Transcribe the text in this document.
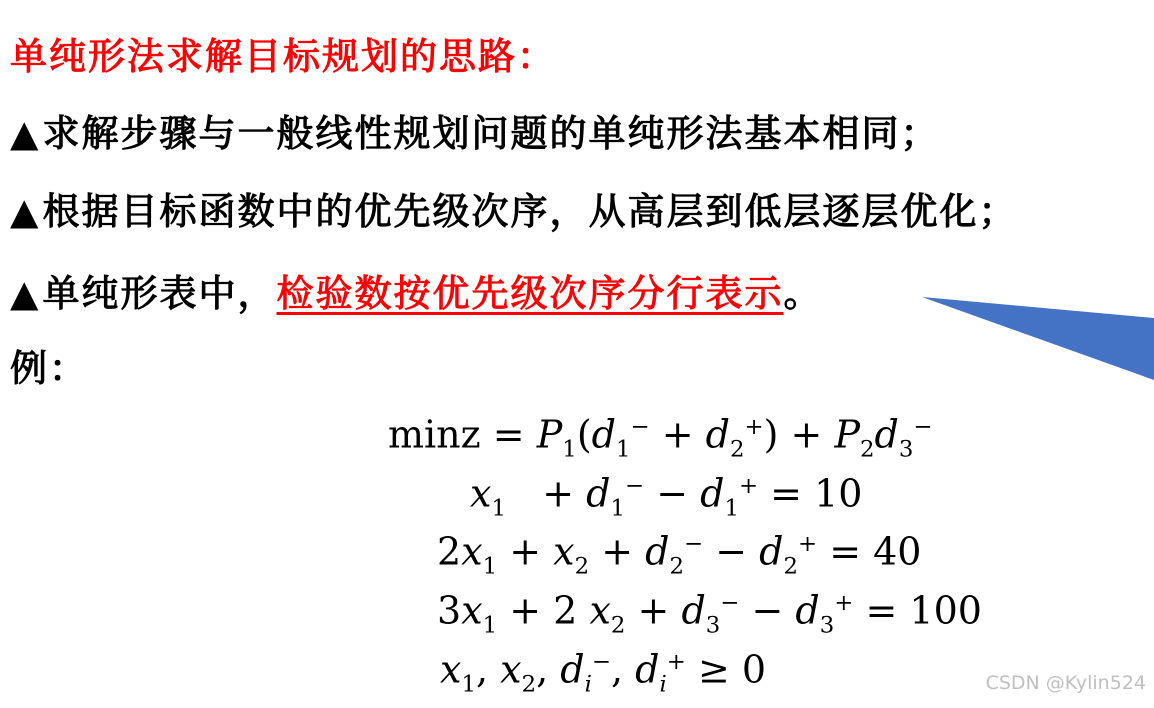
单纯形法求解目标规划的思路：
▲求解步骤与一般线性规划问题的单纯形法基本相同；
▲根据目标函数中的优先级次序，从高层到低层逐层优化；
▲单纯形表中，检验数按优先级次序分行表示。
例：
$\min z = P_1(d_1^- + d_2^+) + P_2d_3^-$
$x_1 + d_1^- - d_1^+ = 10$
$2x_1 + x_2 + d_2^- - d_2^+ = 40$
$3x_1 + 2$ $x_2 + d_3^- - d_3^+ = 100$
$x_1$, $x_2$, $d_i^-$, $d_i^+ \ge 0$	CSDN @Kylin524
